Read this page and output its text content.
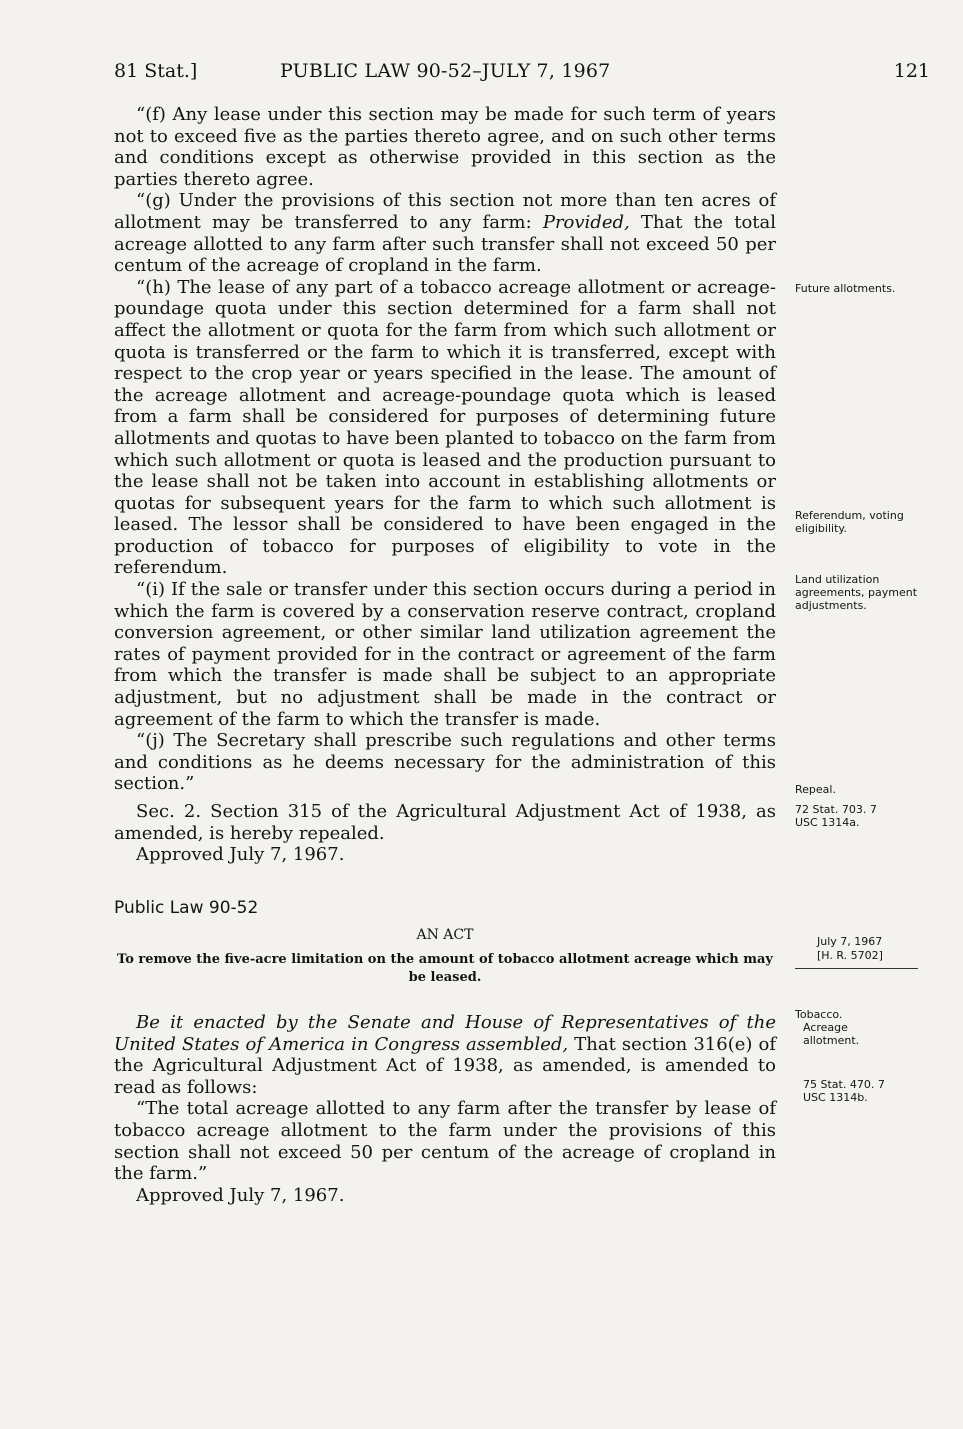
81 Stat.]	PUBLIC LAW 90-52–JULY 7, 1967	121

“(f) Any lease under this section may be made for such term of years not to exceed five as the parties thereto agree, and on such other terms and conditions except as otherwise provided in this section as the parties thereto agree.

“(g) Under the provisions of this section not more than ten acres of allotment may be transferred to any farm: Provided, That the total acreage allotted to any farm after such transfer shall not exceed 50 per centum of the acreage of cropland in the farm.

“(h) The lease of any part of a tobacco acreage allotment or acreage-poundage quota under this section determined for a farm shall not affect the allotment or quota for the farm from which such allotment or quota is transferred or the farm to which it is transferred, except with respect to the crop year or years specified in the lease. The amount of the acreage allotment and acreage-poundage quota which is leased from a farm shall be considered for purposes of determining future allotments and quotas to have been planted to tobacco on the farm from which such allotment or quota is leased and the production pursuant to the lease shall not be taken into account in establishing allotments or quotas for subsequent years for the farm to which such allotment is leased. The lessor shall be considered to have been engaged in the production of tobacco for purposes of eligibility to vote in the referendum.

“(i) If the sale or transfer under this section occurs during a period in which the farm is covered by a conservation reserve contract, cropland conversion agreement, or other similar land utilization agreement the rates of payment provided for in the contract or agreement of the farm from which the transfer is made shall be subject to an appropriate adjustment, but no adjustment shall be made in the contract or agreement of the farm to which the transfer is made.

“(j) The Secretary shall prescribe such regulations and other terms and conditions as he deems necessary for the administration of this section.”

Sec. 2. Section 315 of the Agricultural Adjustment Act of 1938, as amended, is hereby repealed.

Approved July 7, 1967.

Future allotments.
Referendum, voting eligibility.
Land utilization agreements, payment adjustments.
Repeal.
72 Stat. 703. 7 USC 1314a.
Public Law 90-52
AN ACT
To remove the five-acre limitation on the amount of tobacco allotment acreage which may be leased.
July 7, 1967
[H. R. 5702]

Be it enacted by the Senate and House of Representatives of the United States of America in Congress assembled, That section 316(e) of the Agricultural Adjustment Act of 1938, as amended, is amended to read as follows:

“The total acreage allotted to any farm after the transfer by lease of tobacco acreage allotment to the farm under the provisions of this section shall not exceed 50 per centum of the acreage of cropland in the farm.”

Approved July 7, 1967.

Tobacco.
Acreage allotment.
75 Stat. 470. 7 USC 1314b.
